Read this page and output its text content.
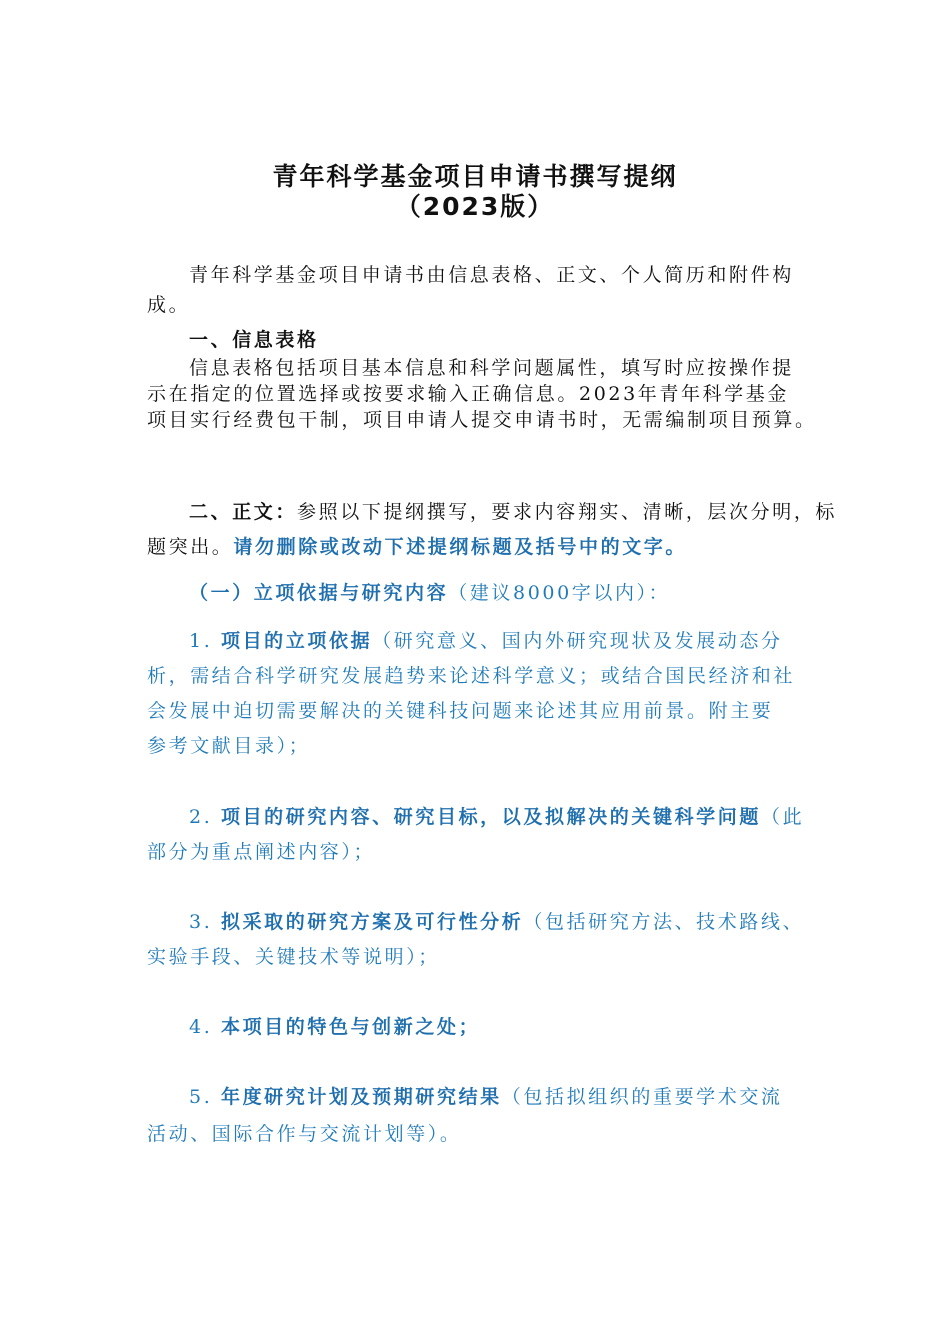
青年科学基金项目申请书撰写提纲
（2023版）
青年科学基金项目申请书由信息表格、正文、个人简历和附件构
成。
一、信息表格
信息表格包括项目基本信息和科学问题属性，填写时应按操作提
示在指定的位置选择或按要求输入正确信息。2023年青年科学基金
项目实行经费包干制，项目申请人提交申请书时，无需编制项目预算。
二、正文：参照以下提纲撰写，要求内容翔实、清晰，层次分明，标
题突出。请勿删除或改动下述提纲标题及括号中的文字。
（一）立项依据与研究内容（建议8000字以内）：
1. 项目的立项依据（研究意义、国内外研究现状及发展动态分
析，需结合科学研究发展趋势来论述科学意义；或结合国民经济和社
会发展中迫切需要解决的关键科技问题来论述其应用前景。附主要
参考文献目录）；
2. 项目的研究内容、研究目标，以及拟解决的关键科学问题（此
部分为重点阐述内容）；
3. 拟采取的研究方案及可行性分析（包括研究方法、技术路线、
实验手段、关键技术等说明）；
4. 本项目的特色与创新之处；
5. 年度研究计划及预期研究结果（包括拟组织的重要学术交流
活动、国际合作与交流计划等）。
